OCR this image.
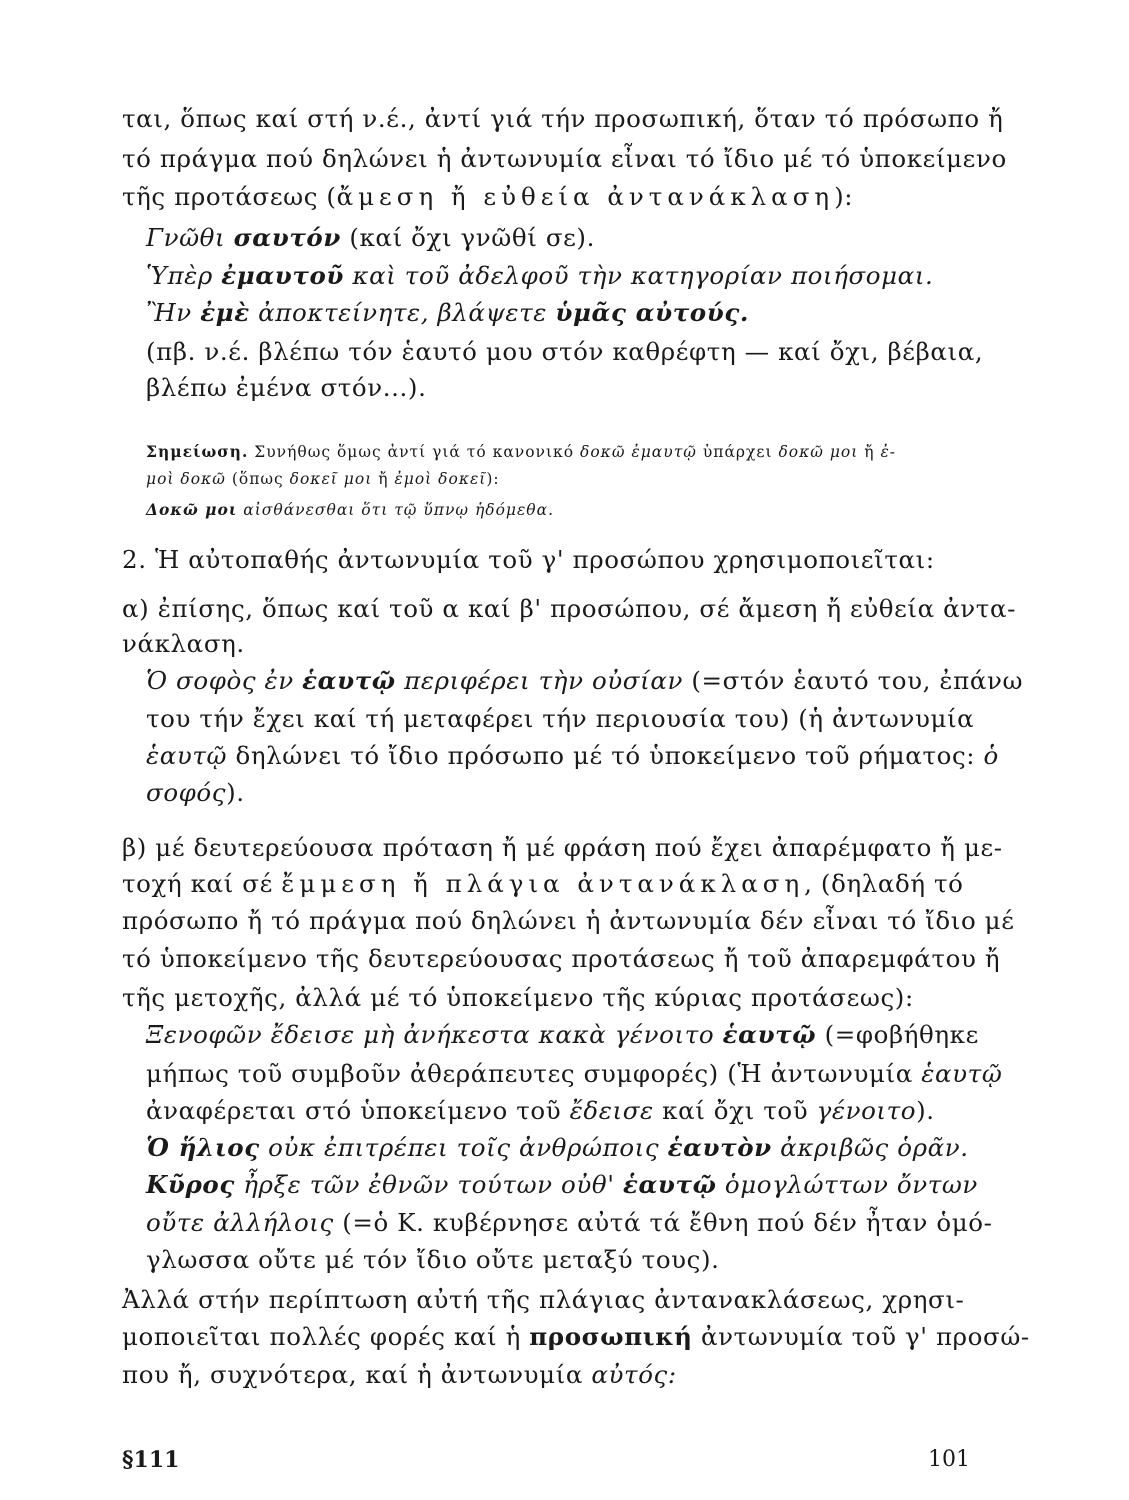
ται, ὅπως καί στή ν.έ., ἀντί γιά τήν προσωπική, ὅταν τό πρόσωπο ἤ
τό πράγμα πού δηλώνει ἡ ἀντωνυμία εἶναι τό ἴδιο μέ τό ὑποκείμενο
τῆς προτάσεως (ἄμεση ἤ εὐθεία ἀντανάκλαση):
Γνῶθι σαυτόν (καί ὄχι γνῶθί σε).
Ὑπὲρ ἐμαυτοῦ καὶ τοῦ ἀδελφοῦ τὴν κατηγορίαν ποιήσομαι.
Ἢν ἐμὲ ἀποκτείνητε, βλάψετε ὑμᾶς αὐτούς.
(πβ. ν.έ. βλέπω τόν ἑαυτό μου στόν καθρέφτη — καί ὄχι, βέβαια,
βλέπω ἐμένα στόν...).
Σημείωση. Συνήθως ὅμως ἀντί γιά τό κανονικό δοκῶ ἐμαυτῷ ὑπάρχει δοκῶ μοι ἤ ἐ-
μοὶ δοκῶ (ὅπως δοκεῖ μοι ἤ ἐμοὶ δοκεῖ):
Δοκῶ μοι αἰσθάνεσθαι ὅτι τῷ ὕπνῳ ἡδόμεθα.
2. Ἡ αὐτοπαθής ἀντωνυμία τοῦ γ' προσώπου χρησιμοποιεῖται:
α) ἐπίσης, ὅπως καί τοῦ α καί β' προσώπου, σέ ἄμεση ἤ εὐθεία ἀντα-
νάκλαση.
Ὁ σοφὸς ἐν ἑαυτῷ περιφέρει τὴν οὐσίαν (=στόν ἑαυτό του, ἐπάνω
του τήν ἔχει καί τή μεταφέρει τήν περιουσία του) (ἡ ἀντωνυμία
ἑαυτῷ δηλώνει τό ἴδιο πρόσωπο μέ τό ὑποκείμενο τοῦ ρήματος: ὁ
σοφός).
β) μέ δευτερεύουσα πρόταση ἤ μέ φράση πού ἔχει ἀπαρέμφατο ἤ με-
τοχή καί σέ ἔμμεση ἤ πλάγια ἀντανάκλαση, (δηλαδή τό
πρόσωπο ἤ τό πράγμα πού δηλώνει ἡ ἀντωνυμία δέν εἶναι τό ἴδιο μέ
τό ὑποκείμενο τῆς δευτερεύουσας προτάσεως ἤ τοῦ ἀπαρεμφάτου ἤ
τῆς μετοχῆς, ἀλλά μέ τό ὑποκείμενο τῆς κύριας προτάσεως):
Ξενοφῶν ἔδεισε μὴ ἀνήκεστα κακὰ γένοιτο ἑαυτῷ (=φοβήθηκε
μήπως τοῦ συμβοῦν ἀθεράπευτες συμφορές) (Ἡ ἀντωνυμία ἑαυτῷ
ἀναφέρεται στό ὑποκείμενο τοῦ ἔδεισε καί ὄχι τοῦ γένοιτο).
Ὁ ἥλιος οὐκ ἐπιτρέπει τοῖς ἀνθρώποις ἑαυτὸν ἀκριβῶς ὁρᾶν.
Κῦρος ἦρξε τῶν ἐθνῶν τούτων οὐθ' ἑαυτῷ ὁμογλώττων ὄντων
οὔτε ἀλλήλοις (=ὁ Κ. κυβέρνησε αὐτά τά ἔθνη πού δέν ἦταν ὁμό-
γλωσσα οὔτε μέ τόν ἴδιο οὔτε μεταξύ τους).
Ἀλλά στήν περίπτωση αὐτή τῆς πλάγιας ἀντανακλάσεως, χρησι-
μοποιεῖται πολλές φορές καί ἡ προσωπική ἀντωνυμία τοῦ γ' προσώ-
που ἤ, συχνότερα, καί ἡ ἀντωνυμία αὐτός:
§111	101
